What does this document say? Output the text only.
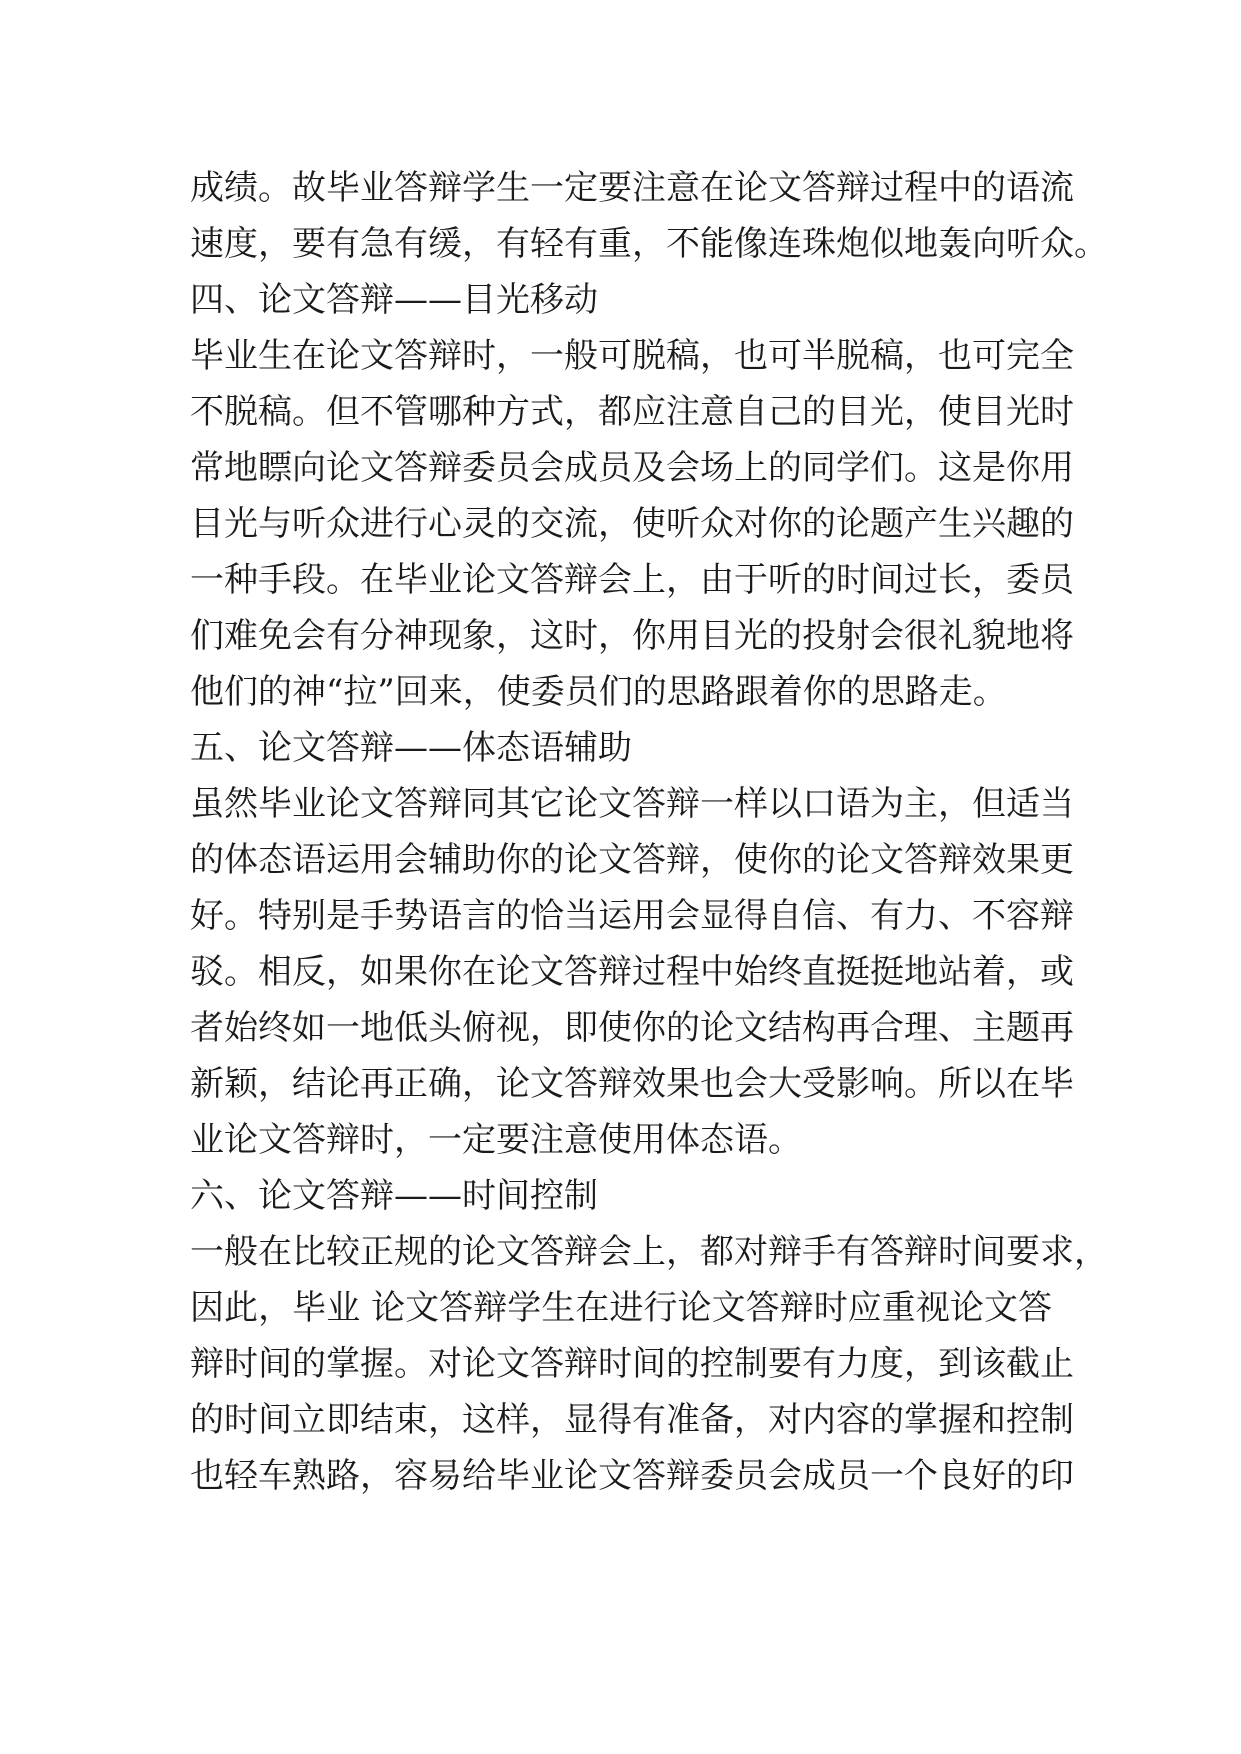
成绩。故毕业答辩学生一定要注意在论文答辩过程中的语流
速度，要有急有缓，有轻有重，不能像连珠炮似地轰向听众。
四、论文答辩——目光移动
毕业生在论文答辩时，一般可脱稿，也可半脱稿，也可完全
不脱稿。但不管哪种方式，都应注意自己的目光，使目光时
常地瞟向论文答辩委员会成员及会场上的同学们。这是你用
目光与听众进行心灵的交流，使听众对你的论题产生兴趣的
一种手段。在毕业论文答辩会上，由于听的时间过长，委员
们难免会有分神现象，这时，你用目光的投射会很礼貌地将
他们的神“拉”回来，使委员们的思路跟着你的思路走。
五、论文答辩——体态语辅助
虽然毕业论文答辩同其它论文答辩一样以口语为主，但适当
的体态语运用会辅助你的论文答辩，使你的论文答辩效果更
好。特别是手势语言的恰当运用会显得自信、有力、不容辩
驳。相反，如果你在论文答辩过程中始终直挺挺地站着，或
者始终如一地低头俯视，即使你的论文结构再合理、主题再
新颖，结论再正确，论文答辩效果也会大受影响。所以在毕
业论文答辩时，一定要注意使用体态语。
六、论文答辩——时间控制
一般在比较正规的论文答辩会上，都对辩手有答辩时间要求，
因此，毕业 论文答辩学生在进行论文答辩时应重视论文答
辩时间的掌握。对论文答辩时间的控制要有力度，到该截止
的时间立即结束，这样，显得有准备，对内容的掌握和控制
也轻车熟路，容易给毕业论文答辩委员会成员一个良好的印
